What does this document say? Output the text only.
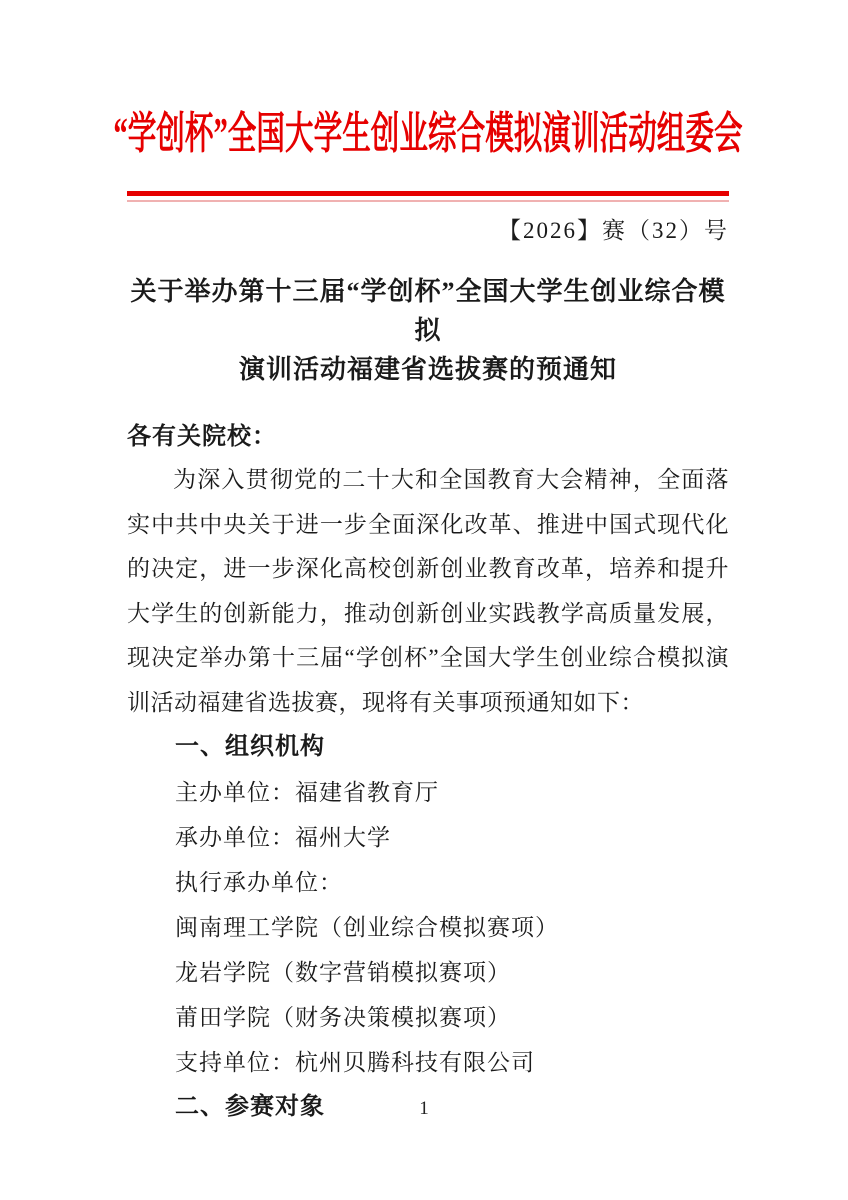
“学创杯”全国大学生创业综合模拟演训活动组委会
【2026】赛（32）号
关于举办第十三届“学创杯”全国大学生创业综合模拟
演训活动福建省选拔赛的预通知
各有关院校：

为深入贯彻党的二十大和全国教育大会精神，全面落实中共中央关于进一步全面深化改革、推进中国式现代化的决定，进一步深化高校创新创业教育改革，培养和提升大学生的创新能力，推动创新创业实践教学高质量发展，现决定举办第十三届“学创杯”全国大学生创业综合模拟演训活动福建省选拔赛，现将有关事项预通知如下：

一、组织机构
主办单位：福建省教育厅
承办单位：福州大学
执行承办单位：
闽南理工学院（创业综合模拟赛项）
龙岩学院（数字营销模拟赛项）
莆田学院（财务决策模拟赛项）
支持单位：杭州贝腾科技有限公司
二、参赛对象	1
